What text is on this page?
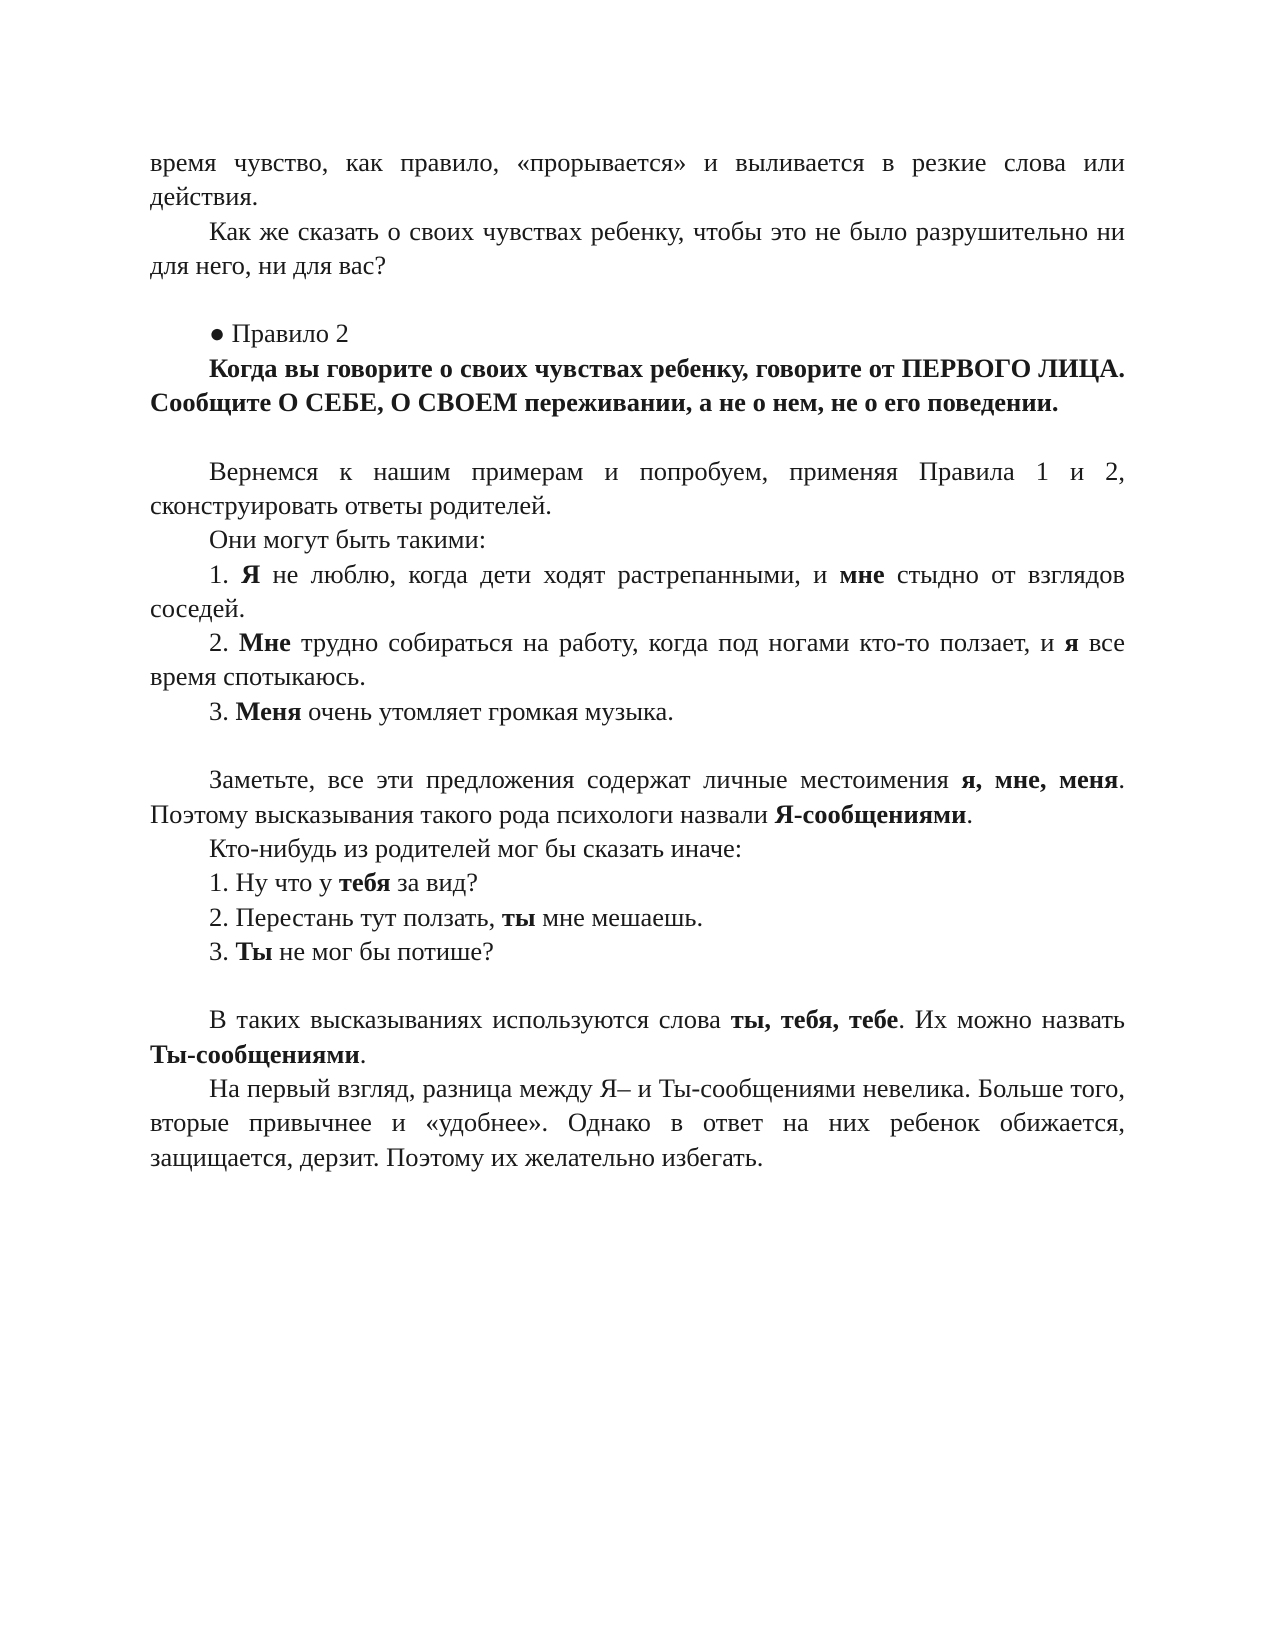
время чувство, как правило, «прорывается» и выливается в резкие слова или действия.

Как же сказать о своих чувствах ребенку, чтобы это не было разрушительно ни для него, ни для вас?

● Правило 2

Когда вы говорите о своих чувствах ребенку, говорите от ПЕРВОГО ЛИЦА. Сообщите О СЕБЕ, О СВОЕМ переживании, а не о нем, не о его поведении.

Вернемся к нашим примерам и попробуем, применяя Правила 1 и 2, сконструировать ответы родителей.

Они могут быть такими:

1. Я не люблю, когда дети ходят растрепанными, и мне стыдно от взглядов соседей.

2. Мне трудно собираться на работу, когда под ногами кто-то ползает, и я все время спотыкаюсь.

3. Меня очень утомляет громкая музыка.

Заметьте, все эти предложения содержат личные местоимения я, мне, меня. Поэтому высказывания такого рода психологи назвали Я-сообщениями.

Кто-нибудь из родителей мог бы сказать иначе:

1. Ну что у тебя за вид?

2. Перестань тут ползать, ты мне мешаешь.

3. Ты не мог бы потише?

В таких высказываниях используются слова ты, тебя, тебе. Их можно назвать Ты-сообщениями.

На первый взгляд, разница между Я– и Ты-сообщениями невелика. Больше того, вторые привычнее и «удобнее». Однако в ответ на них ребенок обижается, защищается, дерзит. Поэтому их желательно избегать.
